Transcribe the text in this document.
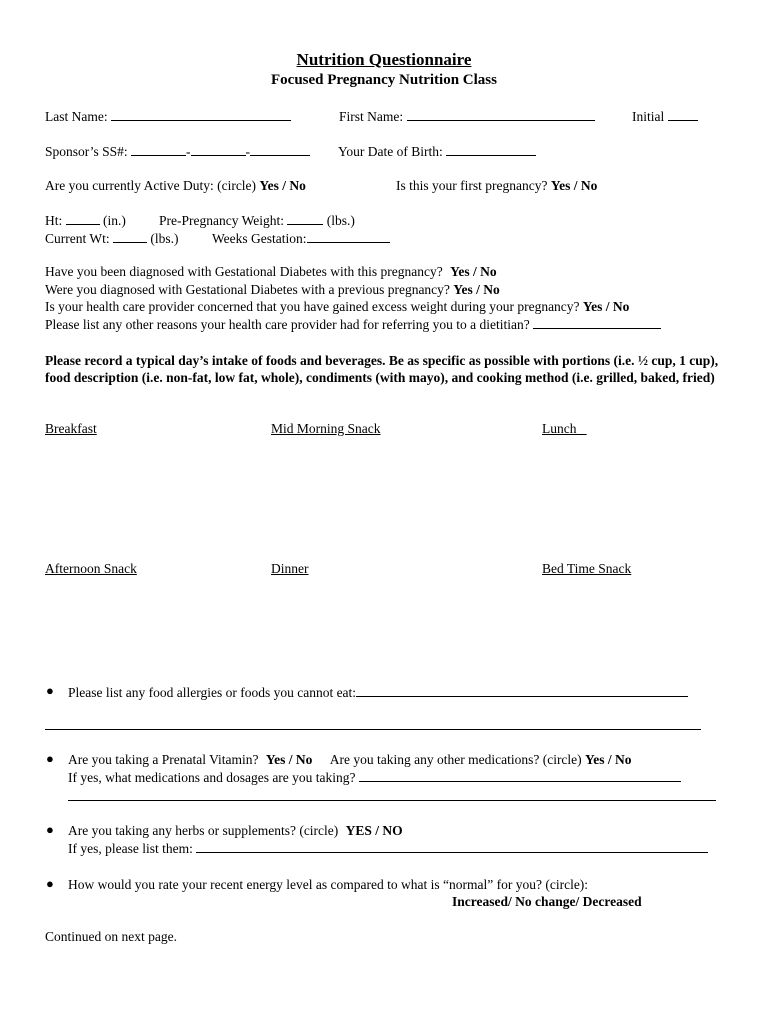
Nutrition Questionnaire
Focused Pregnancy Nutrition Class
Last Name:	First Name:	Initial
Sponsor’s SS#:	-	-	Your Date of Birth:
Are you currently Active Duty: (circle) Yes / No	Is this your first pregnancy? Yes / No
Ht:	(in.) Pre-Pregnancy Weight:	(lbs.)
Current Wt:	(lbs.) Weeks Gestation:
Have you been diagnosed with Gestational Diabetes with this pregnancy? Yes / No
Were you diagnosed with Gestational Diabetes with a previous pregnancy? Yes / No
Is your health care provider concerned that you have gained excess weight during your pregnancy? Yes / No
Please list any other reasons your health care provider had for referring you to a dietitian?
Please record a typical day’s intake of foods and beverages. Be as specific as possible with portions (i.e. ½ cup, 1 cup), food description (i.e. non-fat, low fat, whole), condiments (with mayo), and cooking method (i.e. grilled, baked, fried)
Breakfast	Mid Morning Snack	Lunch
Afternoon Snack	Dinner	Bed Time Snack
● Please list any food allergies or foods you cannot eat:
● Are you taking a Prenatal Vitamin? Yes / No Are you taking any other medications? (circle) Yes / No
If yes, what medications and dosages are you taking?
● Are you taking any herbs or supplements? (circle) YES / NO
If yes, please list them:
● How would you rate your recent energy level as compared to what is “normal” for you? (circle):
Increased/ No change/ Decreased
Continued on next page.
